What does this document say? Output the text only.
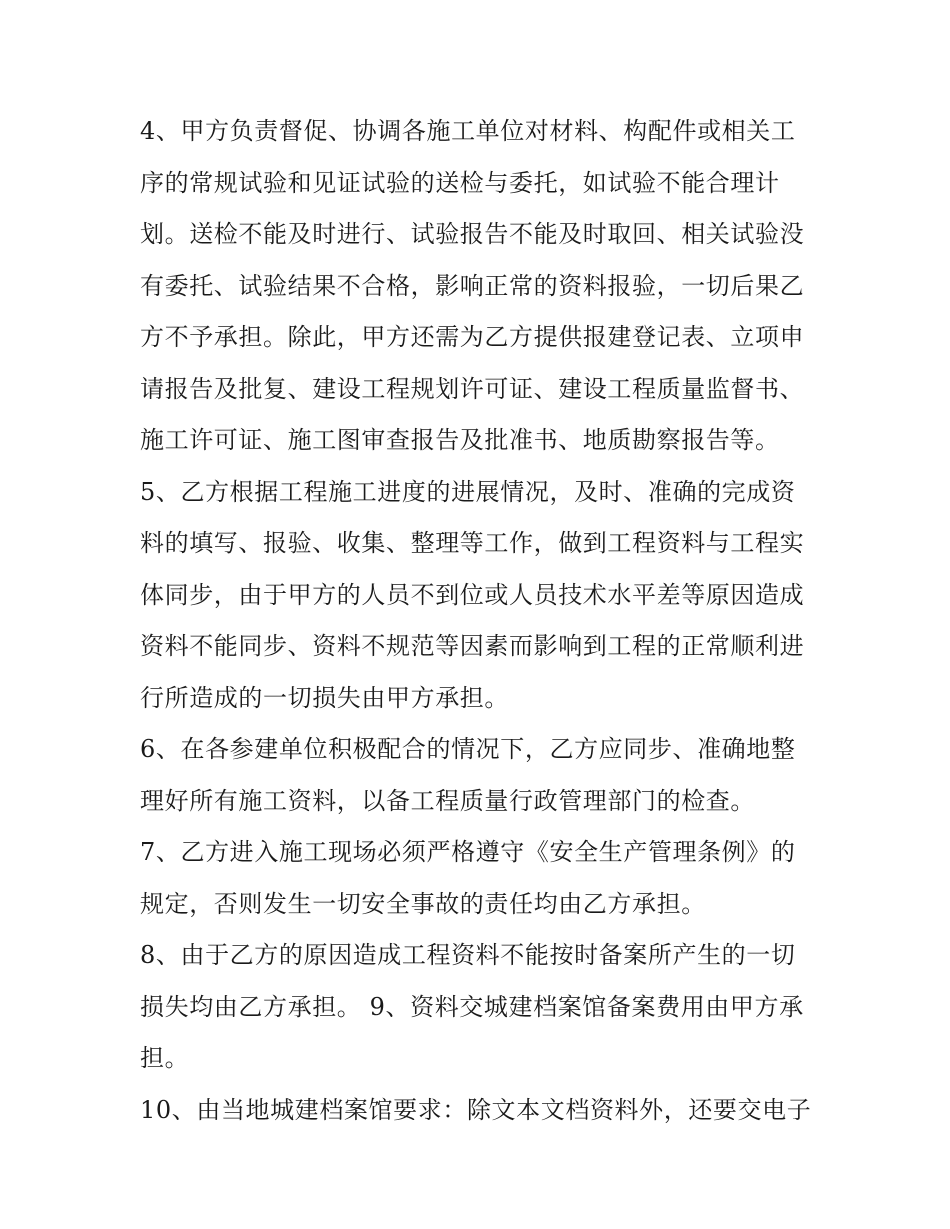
4、甲方负责督促、协调各施工单位对材料、构配件或相关工
序的常规试验和见证试验的送检与委托，如试验不能合理计
划。送检不能及时进行、试验报告不能及时取回、相关试验没
有委托、试验结果不合格，影响正常的资料报验，一切后果乙
方不予承担。除此，甲方还需为乙方提供报建登记表、立项申
请报告及批复、建设工程规划许可证、建设工程质量监督书、
施工许可证、施工图审查报告及批准书、地质勘察报告等。
5、乙方根据工程施工进度的进展情况，及时、准确的完成资
料的填写、报验、收集、整理等工作，做到工程资料与工程实
体同步，由于甲方的人员不到位或人员技术水平差等原因造成
资料不能同步、资料不规范等因素而影响到工程的正常顺利进
行所造成的一切损失由甲方承担。
6、在各参建单位积极配合的情况下，乙方应同步、准确地整
理好所有施工资料，以备工程质量行政管理部门的检查。
7、乙方进入施工现场必须严格遵守《安全生产管理条例》的
规定，否则发生一切安全事故的责任均由乙方承担。
8、由于乙方的原因造成工程资料不能按时备案所产生的一切
损失均由乙方承担。 9、资料交城建档案馆备案费用由甲方承
担。
10、由当地城建档案馆要求：除文本文档资料外，还要交电子
